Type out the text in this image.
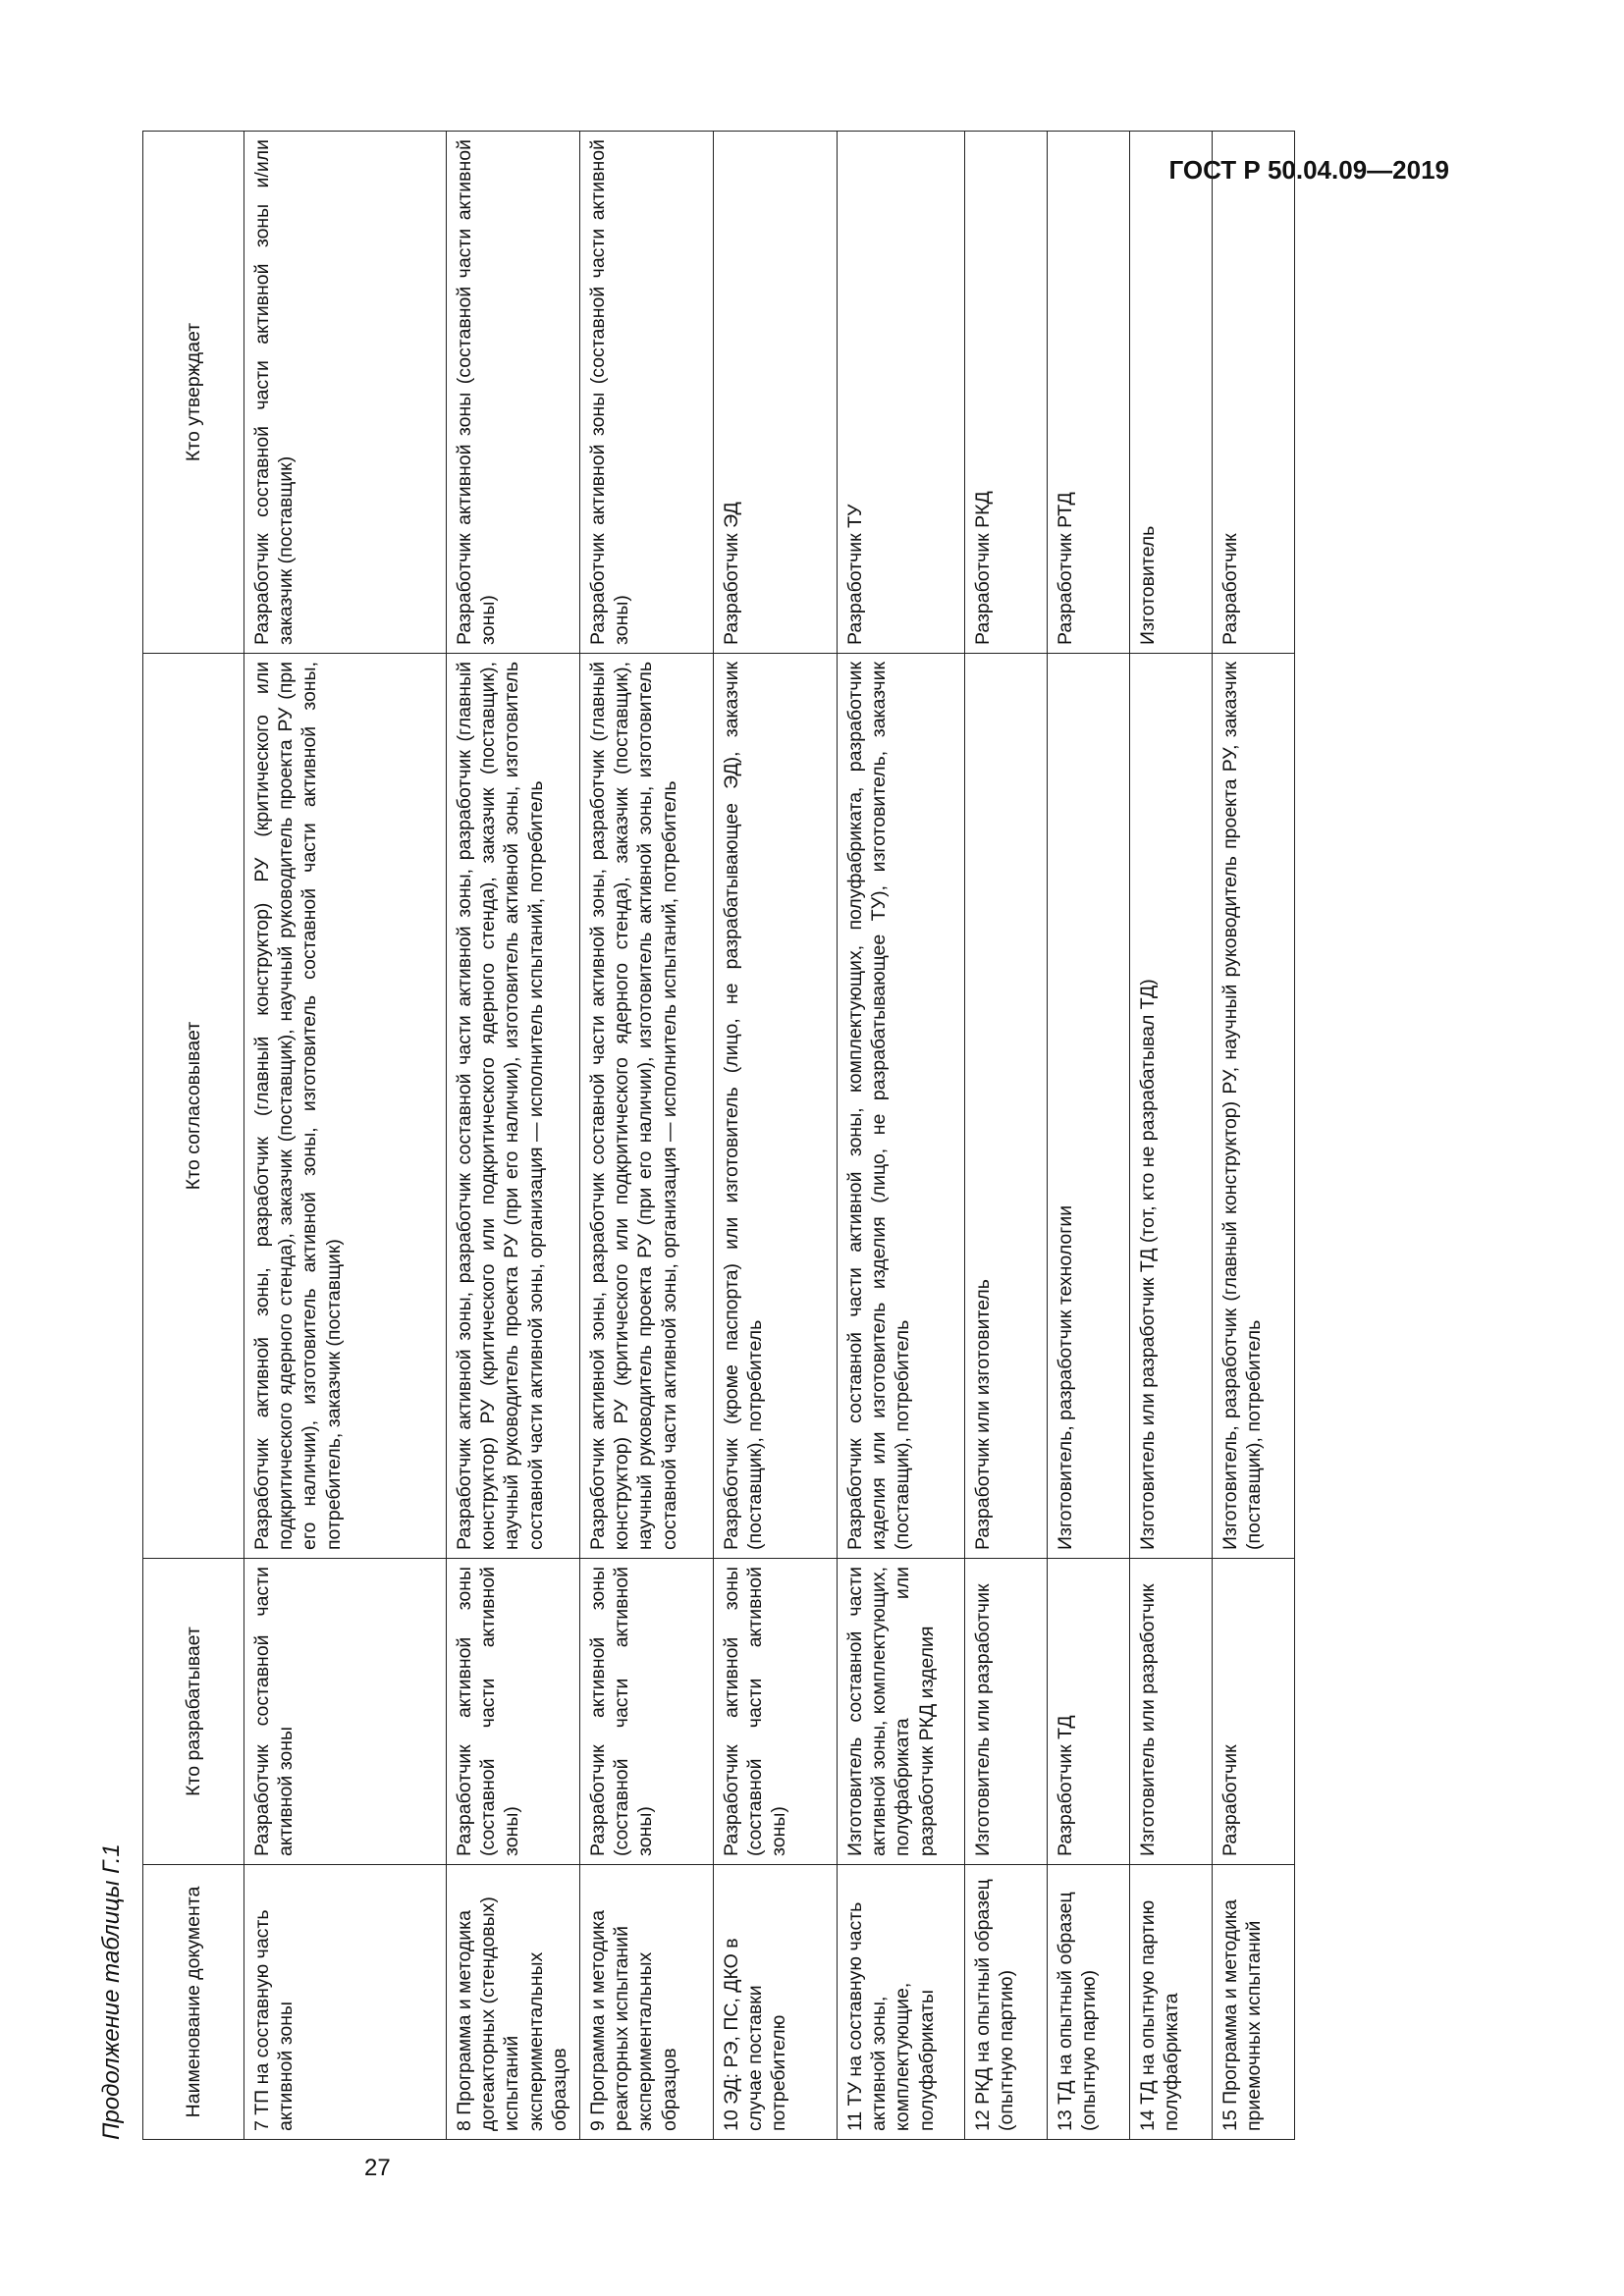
ГОСТ Р 50.04.09—2019
Продолжение таблицы Г.1	Наименование документа	Кто разрабатывает	Кто согласовывает	Кто утверждает
7 ТП на составную часть активной зоны	Разработчик составной части активной зоны	Разработчик активной зоны, разработчик (главный конструктор) РУ (критического или подкритического ядерного стенда), заказчик (поставщик), научный руководитель проекта РУ (при его наличии), изготовитель активной зоны, изготовитель составной части активной зоны, потребитель, заказчик (поставщик)	Разработчик составной части активной зоны и/или заказчик (поставщик)
8 Программа и методика доreакторных (стендовых) испытаний экспериментальных образцов	Разработчик активной зоны (составной части активной зоны)	Разработчик активной зоны, разработчик составной части активной зоны, разработчик (главный конструктор) РУ (критического или подкритического ядерного стенда), заказчик (поставщик), научный руководитель проекта РУ (при его наличии), изготовитель активной зоны, изготовитель составной части активной зоны, организация — исполнитель испытаний, потребитель	Разработчик активной зоны (составной части активной зоны)
9 Программа и методика реакторных испытаний экспериментальных образцов	Разработчик активной зоны (составной части активной зоны)	Разработчик активной зоны, разработчик составной части активной зоны, разработчик (главный конструктор) РУ (критического или подкритического ядерного стенда), заказчик (поставщик), научный руководитель проекта РУ (при его наличии), изготовитель активной зоны, изготовитель составной части активной зоны, организация — исполнитель испытаний, потребитель	Разработчик активной зоны (составной части активной зоны)
10 ЭД: РЭ, ПС, ДКО в случае поставки потребителю	Разработчик активной зоны (составной части активной зоны)	Разработчик (кроме паспорта) или изготовитель (лицо, не разрабатывающее ЭД), заказчик (поставщик), потребитель	Разработчик ЭД
11 ТУ на составную часть активной зоны, комплектующие, полуфабрикаты	Изготовитель составной части активной зоны, комплектующих, полуфабриката или разработчик РКД изделия	Разработчик составной части активной зоны, комплектующих, полуфабриката, разработчик изделия или изготовитель изделия (лицо, не разрабатывающее ТУ), изготовитель, заказчик (поставщик), потребитель	Разработчик ТУ
12 РКД на опытный образец (опытную партию)	Изготовитель или разработчик	Разработчик или изготовитель	Разработчик РКД
13 ТД на опытный образец (опытную партию)	Разработчик ТД	Изготовитель, разработчик технологии	Разработчик РТД
14 ТД на опытную партию полуфабриката	Изготовитель или разработчик	Изготовитель или разработчик ТД (тот, кто не разрабатывал ТД)	Изготовитель
15 Программа и методика приемочных испытаний	Разработчик	Изготовитель, разработчик (главный конструктор) РУ, научный руководитель проекта РУ, заказчик (поставщик), потребитель	Разработчик
27
